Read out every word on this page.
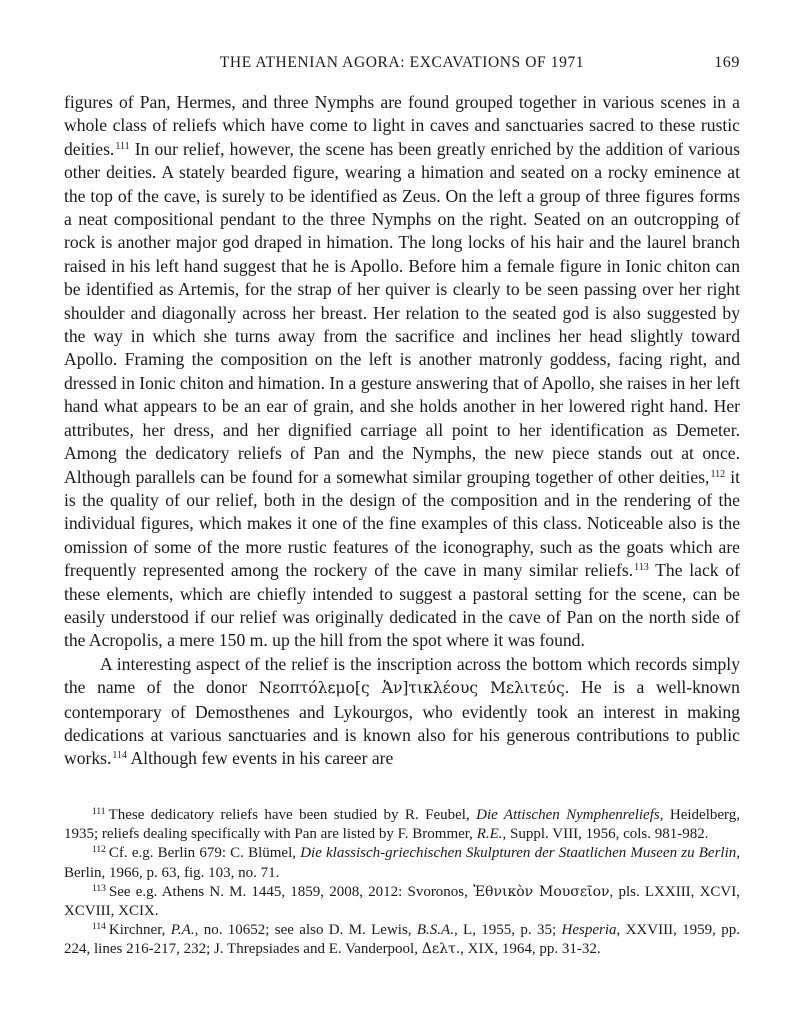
THE ATHENIAN AGORA: EXCAVATIONS OF 1971	169

figures of Pan, Hermes, and three Nymphs are found grouped together in various scenes in a whole class of reliefs which have come to light in caves and sanctuaries sacred to these rustic deities.$^{111}$ In our relief, however, the scene has been greatly enriched by the addition of various other deities. A stately bearded figure, wearing a himation and seated on a rocky eminence at the top of the cave, is surely to be identified as Zeus. On the left a group of three figures forms a neat compositional pendant to the three Nymphs on the right. Seated on an outcropping of rock is another major god draped in himation. The long locks of his hair and the laurel branch raised in his left hand suggest that he is Apollo. Before him a female figure in Ionic chiton can be identified as Artemis, for the strap of her quiver is clearly to be seen passing over her right shoulder and diagonally across her breast. Her relation to the seated god is also suggested by the way in which she turns away from the sacrifice and inclines her head slightly toward Apollo. Framing the composition on the left is another matronly goddess, facing right, and dressed in Ionic chiton and himation. In a gesture answering that of Apollo, she raises in her left hand what appears to be an ear of grain, and she holds another in her lowered right hand. Her attributes, her dress, and her dignified carriage all point to her identification as Demeter. Among the dedicatory reliefs of Pan and the Nymphs, the new piece stands out at once. Although parallels can be found for a somewhat similar grouping together of other deities,$^{112}$ it is the quality of our relief, both in the design of the composition and in the rendering of the individual figures, which makes it one of the fine examples of this class. Noticeable also is the omission of some of the more rustic features of the iconography, such as the goats which are frequently represented among the rockery of the cave in many similar reliefs.$^{113}$ The lack of these elements, which are chiefly intended to suggest a pastoral setting for the scene, can be easily understood if our relief was originally dedicated in the cave of Pan on the north side of the Acropolis, a mere 150 m. up the hill from the spot where it was found.

A interesting aspect of the relief is the inscription across the bottom which records simply the name of the donor Νεοπτόλεμο[ς Ἀν]τικλέους Μελιτεύς. He is a well-known contemporary of Demosthenes and Lykourgos, who evidently took an interest in making dedications at various sanctuaries and is known also for his generous contributions to public works.$^{114}$ Although few events in his career are

$^{111}$ These dedicatory reliefs have been studied by R. Feubel, Die Attischen Nymphenreliefs, Heidelberg, 1935; reliefs dealing specifically with Pan are listed by F. Brommer, R.E., Suppl. VIII, 1956, cols. 981-982.

$^{112}$ Cf. e.g. Berlin 679: C. Blümel, Die klassisch-griechischen Skulpturen der Staatlichen Museen zu Berlin, Berlin, 1966, p. 63, fig. 103, no. 71.

$^{113}$ See e.g. Athens N. M. 1445, 1859, 2008, 2012: Svoronos, Ἐθνικὸν Μουσεῖον, pls. LXXIII, XCVI, XCVIII, XCIX.

$^{114}$ Kirchner, P.A., no. 10652; see also D. M. Lewis, B.S.A., L, 1955, p. 35; Hesperia, XXVIII, 1959, pp. 224, lines 216-217, 232; J. Threpsiades and E. Vanderpool, Δελτ., XIX, 1964, pp. 31-32.
